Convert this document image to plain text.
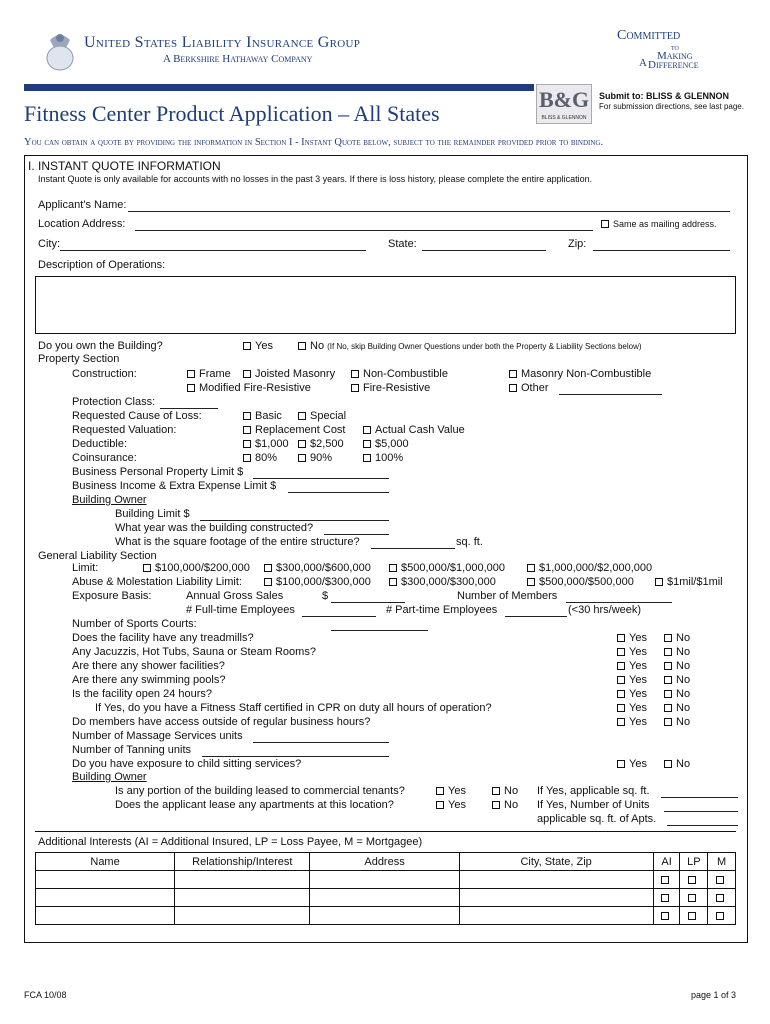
United States Liability Insurance Group
A Berkshire Hathaway Company
Committed
to
Making
A Difference
Fitness Center Product Application – All States
B&G
BLISS & GLENNON
Submit to: BLISS & GLENNON
For submission directions, see last page.
You can obtain a quote by providing the information in Section I - Instant Quote below, subject to the remainder provided prior to binding.
I. INSTANT QUOTE INFORMATION
Instant Quote is only available for accounts with no losses in the past 3 years. If there is loss history, please complete the entire application.
Applicant’s Name:
Location Address:	Same as mailing address.
City:	State:	Zip:
Description of Operations:
Do you own the Building?	Yes	No (If No, skip Building Owner Questions under both the Property & Liability Sections below)
Property Section
Construction:	Frame	Joisted Masonry	Non-Combustible	Masonry Non-Combustible
Modified Fire-Resistive	Fire-Resistive	Other
Protection Class:
Requested Cause of Loss:	Basic	Special
Requested Valuation:	Replacement Cost	Actual Cash Value
Deductible:	$1,000	$2,500	$5,000
Coinsurance:	80%	90%	100%
Business Personal Property Limit $
Business Income & Extra Expense Limit $
Building Owner
Building Limit $
What year was the building constructed?
What is the square footage of the entire structure?	sq. ft.
General Liability Section
Limit:	$100,000/$200,000	$300,000/$600,000	$500,000/$1,000,000	$1,000,000/$2,000,000
Abuse & Molestation Liability Limit:	$100,000/$300,000	$300,000/$300,000	$500,000/$500,000	$1mil/$1mil
Exposure Basis:	Annual Gross Sales	$	Number of Members
# Full-time Employees	# Part-time Employees	(<30 hrs/week)
Number of Sports Courts:
Does the facility have any treadmills?	Yes	No
Any Jacuzzis, Hot Tubs, Sauna or Steam Rooms?	Yes	No
Are there any shower facilities?	Yes	No
Are there any swimming pools?	Yes	No
Is the facility open 24 hours?	Yes	No
If Yes, do you have a Fitness Staff certified in CPR on duty all hours of operation?	Yes	No
Do members have access outside of regular business hours?	Yes	No
Number of Massage Services units
Number of Tanning units
Do you have exposure to child sitting services?	Yes	No
Building Owner
Is any portion of the building leased to commercial tenants?	Yes	No If Yes, applicable sq. ft.
Does the applicant lease any apartments at this location?	Yes	No If Yes, Number of Units
applicable sq. ft. of Apts.
Additional Interests (AI = Additional Insured, LP = Loss Payee, M = Mortgagee)
Name	Relationship/Interest	Address	City, State, Zip	AI	LP	M

FCA 10/08	page 1 of 3
